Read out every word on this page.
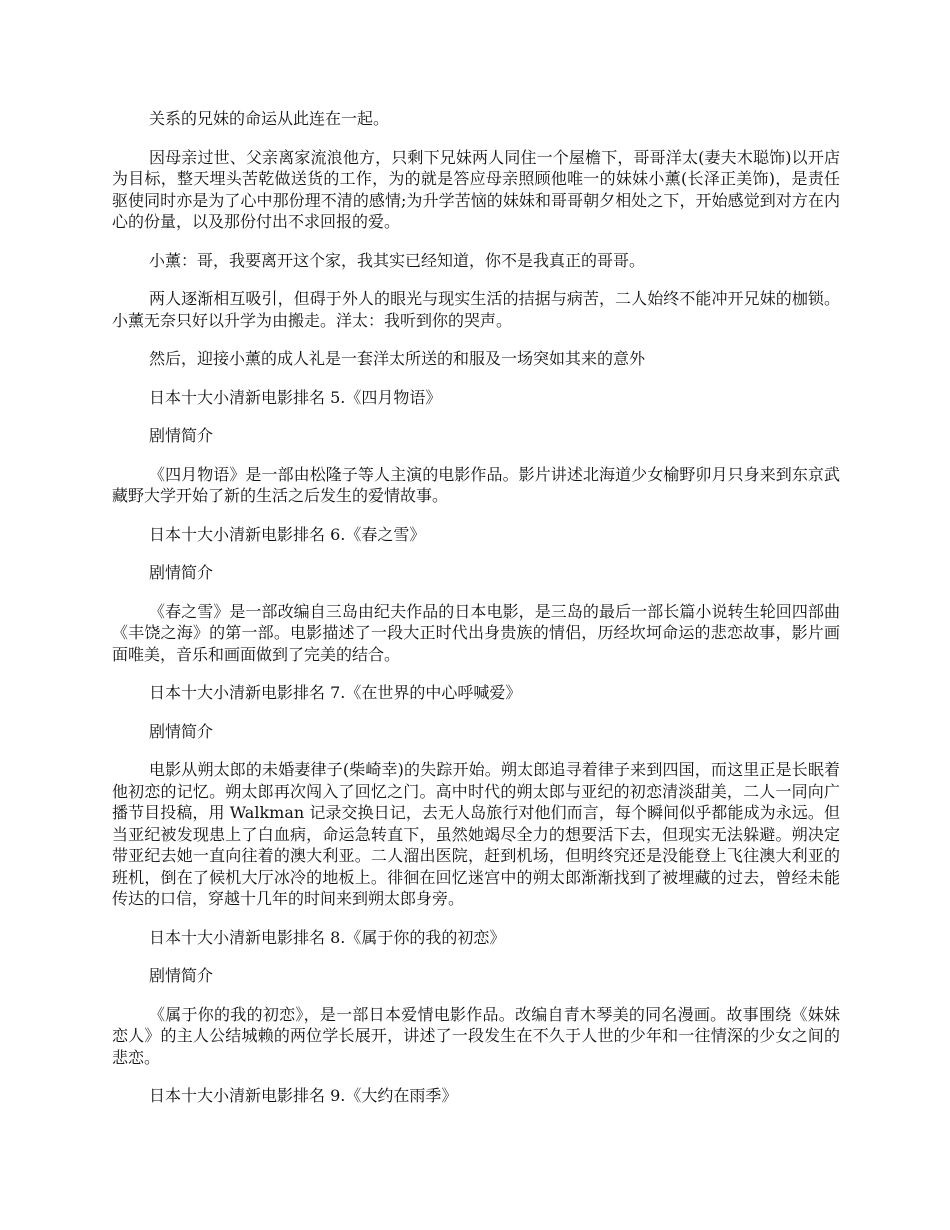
关系的兄妹的命运从此连在一起。

因母亲过世、父亲离家流浪他方，只剩下兄妹两人同住一个屋檐下，哥哥洋太(妻夫木聪饰)以开店为目标，整天埋头苦乾做送货的工作，为的就是答应母亲照顾他唯一的妹妹小薰(长泽正美饰)，是责任驱使同时亦是为了心中那份理不清的感情;为升学苦恼的妹妹和哥哥朝夕相处之下，开始感觉到对方在内心的份量，以及那份付出不求回报的爱。

小薰：哥，我要离开这个家，我其实已经知道，你不是我真正的哥哥。

两人逐渐相互吸引，但碍于外人的眼光与现实生活的拮据与病苦，二人始终不能冲开兄妹的枷锁。小薰无奈只好以升学为由搬走。洋太：我听到你的哭声。

然后，迎接小薰的成人礼是一套洋太所送的和服及一场突如其来的意外

日本十大小清新电影排名 5.《四月物语》

剧情简介

《四月物语》是一部由松隆子等人主演的电影作品。影片讲述北海道少女榆野卯月只身来到东京武藏野大学开始了新的生活之后发生的爱情故事。

日本十大小清新电影排名 6.《春之雪》

剧情简介

《春之雪》是一部改编自三岛由纪夫作品的日本电影，是三岛的最后一部长篇小说转生轮回四部曲《丰饶之海》的第一部。电影描述了一段大正时代出身贵族的情侣，历经坎坷命运的悲恋故事，影片画面唯美，音乐和画面做到了完美的结合。

日本十大小清新电影排名 7.《在世界的中心呼喊爱》

剧情简介

电影从朔太郎的未婚妻律子(柴崎幸)的失踪开始。朔太郎追寻着律子来到四国，而这里正是长眠着他初恋的记忆。朔太郎再次闯入了回忆之门。高中时代的朔太郎与亚纪的初恋清淡甜美，二人一同向广播节目投稿，用 Walkman 记录交换日记，去无人岛旅行对他们而言，每个瞬间似乎都能成为永远。但当亚纪被发现患上了白血病，命运急转直下，虽然她竭尽全力的想要活下去，但现实无法躲避。朔决定带亚纪去她一直向往着的澳大利亚。二人溜出医院，赶到机场，但明终究还是没能登上飞往澳大利亚的班机，倒在了候机大厅冰冷的地板上。徘徊在回忆迷宫中的朔太郎渐渐找到了被埋藏的过去，曾经未能传达的口信，穿越十几年的时间来到朔太郎身旁。

日本十大小清新电影排名 8.《属于你的我的初恋》

剧情简介

《属于你的我的初恋》，是一部日本爱情电影作品。改编自青木琴美的同名漫画。故事围绕《妹妹恋人》的主人公结城赖的两位学长展开，讲述了一段发生在不久于人世的少年和一往情深的少女之间的悲恋。

日本十大小清新电影排名 9.《大约在雨季》
